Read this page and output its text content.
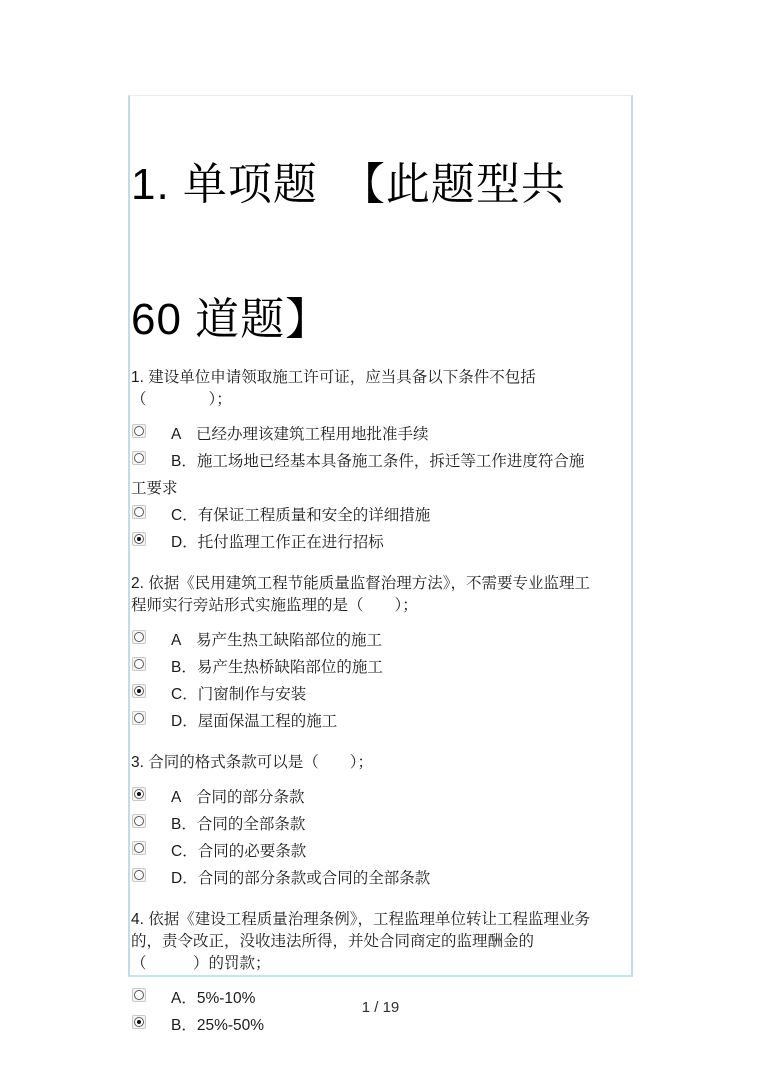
1. 单项题　【此题型共
60 道题】

1. 建设单位申请领取施工许可证，应当具备以下条件不包括（　　　　）；

A　已经办理该建筑工程用地批准手续
B．施工场地已经基本具备施工条件，拆迁等工作进度符合施工要求
C．有保证工程质量和安全的详细措施
D．托付监理工作正在进行招标

2. 依据《民用建筑工程节能质量监督治理方法》，不需要专业监理工程师实行旁站形式实施监理的是（　　）；

A　易产生热工缺陷部位的施工
B．易产生热桥缺陷部位的施工
C．门窗制作与安装
D．屋面保温工程的施工

3. 合同的格式条款可以是（　　）；

A　合同的部分条款
B．合同的全部条款
C．合同的必要条款
D．合同的部分条款或合同的全部条款

4. 依据《建设工程质量治理条例》，工程监理单位转让工程监理业务的，责令改正，没收违法所得，并处合同商定的监理酬金的（　　　）的罚款；

A．5%-10%
B．25%-50%
1 / 19
